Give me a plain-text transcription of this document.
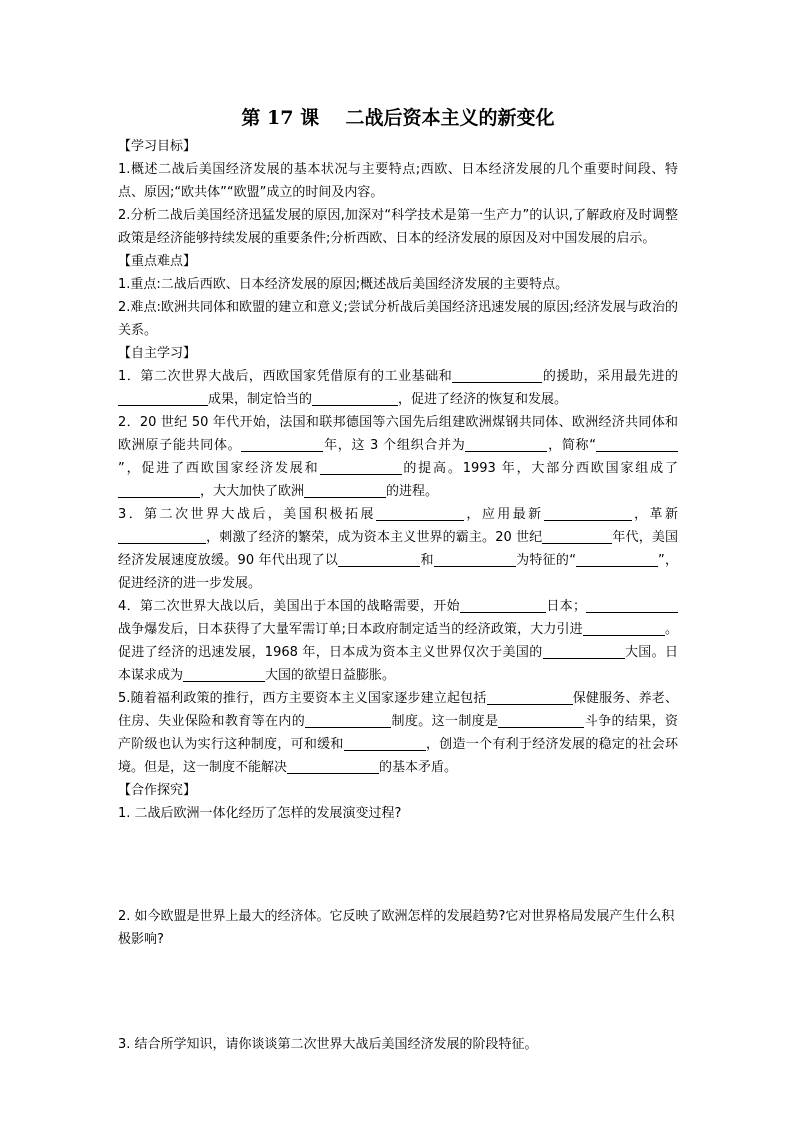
第 17 课    二战后资本主义的新变化
【学习目标】

1.概述二战后美国经济发展的基本状况与主要特点;西欧、日本经济发展的几个重要时间段、特点、原因;“欧共体”“欧盟”成立的时间及内容。

2.分析二战后美国经济迅猛发展的原因,加深对“科学技术是第一生产力”的认识,了解政府及时调整政策是经济能够持续发展的重要条件;分析西欧、日本的经济发展的原因及对中国发展的启示。

【重点难点】

1.重点:二战后西欧、日本经济发展的原因;概述战后美国经济发展的主要特点。

2.难点:欧洲共同体和欧盟的建立和意义;尝试分析战后美国经济迅速发展的原因;经济发展与政治的关系。

【自主学习】

1．第二次世界大战后，西欧国家凭借原有的工业基础和	的援助，采用最先进的成果，制定恰当的	，促进了经济的恢复和发展。

2．20 世纪 50 年代开始，法国和联邦德国等六国先后组建欧洲煤钢共同体、欧洲经济共同体和欧洲原子能共同体。	年，这 3 个组织合并为	，简称“”，促进了西欧国家经济发展和	的提高。1993 年，大部分西欧国家组成了，大大加快了欧洲	的进程。

3．第二次世界大战后，美国积极拓展	，应用最新	，革新，刺激了经济的繁荣，成为资本主义世界的霸主。20 世纪	年代，美国经济发展速度放缓。90 年代出现了以	和	为特征的“	”，促进经济的进一步发展。

4．第二次世界大战以后，美国出于本国的战略需要，开始	日本；战争爆发后，日本获得了大量军需订单;日本政府制定适当的经济政策，大力引进	。促进了经济的迅速发展，1968 年，日本成为资本主义世界仅次于美国的	大国。日本谋求成为	大国的欲望日益膨胀。

5.随着福利政策的推行，西方主要资本主义国家逐步建立起包括	保健服务、养老、住房、失业保险和教育等在内的	制度。这一制度是	斗争的结果，资产阶级也认为实行这种制度，可和缓和	，创造一个有利于经济发展的稳定的社会环境。但是，这一制度不能解决	的基本矛盾。

【合作探究】

1. 二战后欧洲一体化经历了怎样的发展演变过程?

2. 如今欧盟是世界上最大的经济体。它反映了欧洲怎样的发展趋势?它对世界格局发展产生什么积极影响?

3. 结合所学知识，请你谈谈第二次世界大战后美国经济发展的阶段特征。
